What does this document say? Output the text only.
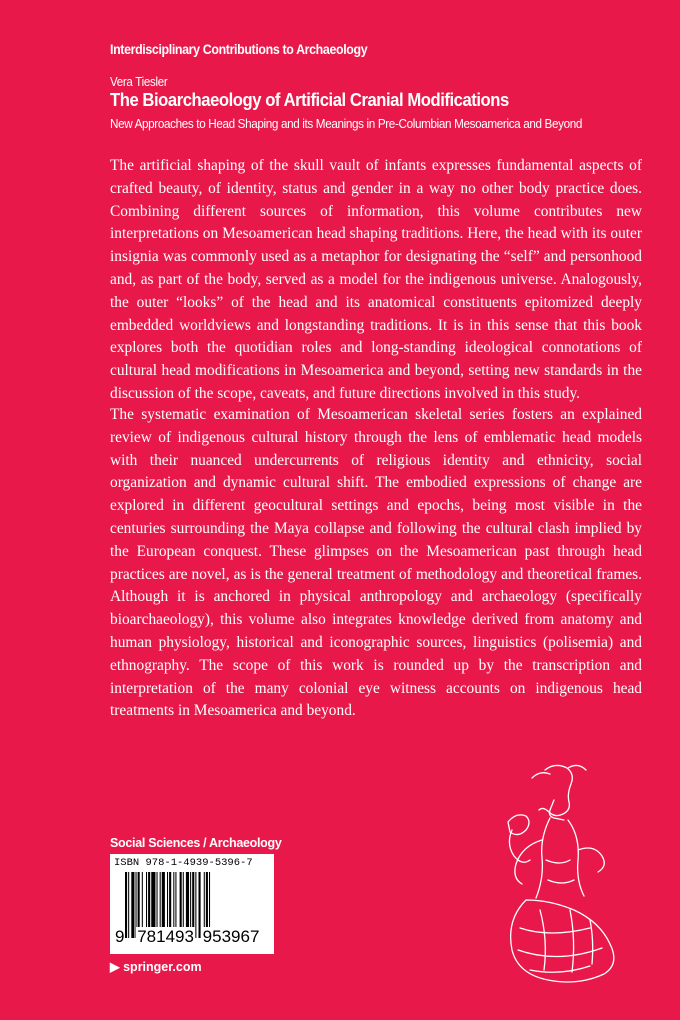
Interdisciplinary Contributions to Archaeology
Vera Tiesler
The Bioarchaeology of Artificial Cranial Modifications
New Approaches to Head Shaping and its Meanings in Pre-Columbian Mesoamerica and Beyond

The artificial shaping of the skull vault of infants expresses fundamental aspects of crafted beauty, of identity, status and gender in a way no other body practice does. Combining different sources of information, this volume contributes new interpretations on Mesoamerican head shaping traditions. Here, the head with its outer insignia was commonly used as a metaphor for designating the “self” and personhood and, as part of the body, served as a model for the indigenous universe. Analogously, the outer “looks” of the head and its anatomical constituents epitomized deeply embedded worldviews and longstanding traditions. It is in this sense that this book explores both the quotidian roles and long-standing ideological connotations of cultural head modifications in Mesoamerica and beyond, setting new standards in the discussion of the scope, caveats, and future directions involved in this study.

The systematic examination of Mesoamerican skeletal series fosters an explained review of indigenous cultural history through the lens of emblematic head models with their nuanced undercurrents of religious identity and ethnicity, social organization and dynamic cultural shift. The embodied expressions of change are explored in different geocultural settings and epochs, being most visible in the centuries surrounding the Maya collapse and following the cultural clash implied by the European conquest. These glimpses on the Mesoamerican past through head practices are novel, as is the general treatment of methodology and theoretical frames. Although it is anchored in physical anthropology and archaeology (specifically bioarchaeology), this volume also integrates knowledge derived from anatomy and human physiology, historical and iconographic sources, linguistics (polisemia) and ethnography. The scope of this work is rounded up by the transcription and interpretation of the many colonial eye witness accounts on indigenous head treatments in Mesoamerica and beyond.

Social Sciences / Archaeology
ISBN 978-1-4939-5396-7
9 781493 953967
▶ springer.com
